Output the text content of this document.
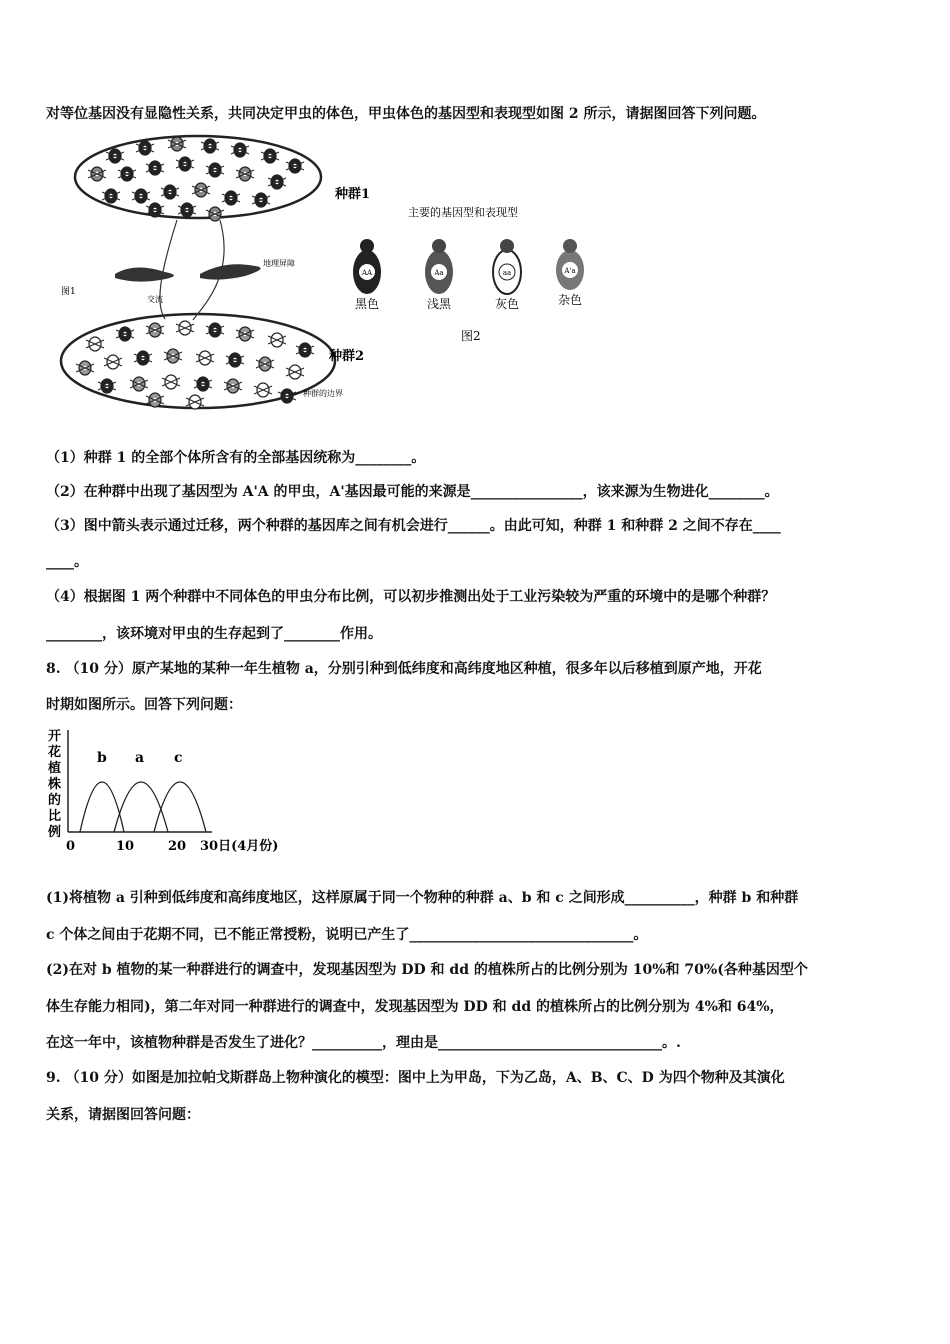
对等位基因没有显隐性关系，共同决定甲虫的体色，甲虫体色的基因型和表现型如图 2 所示，请据图回答下列问题。
种群1
地理屏障
交流
图1
种群2
种群的边界
主要的基因型和表现型
AA
黑色
Aa
浅黑
aa
灰色
A'a
杂色
图2
（1）种群 1 的全部个体所含有的全部基因统称为________。
（2）在种群中出现了基因型为 A'A 的甲虫，A'基因最可能的来源是________________，该来源为生物进化________。
（3）图中箭头表示通过迁移，两个种群的基因库之间有机会进行______。由此可知，种群 1 和种群 2 之间不存在____
____。
（4）根据图 1 两个种群中不同体色的甲虫分布比例，可以初步推测出处于工业污染较为严重的环境中的是哪个种群？
________，该环境对甲虫的生存起到了________作用。
8. （10 分）原产某地的某种一年生植物 a，分别引种到低纬度和高纬度地区种植，很多年以后移植到原产地，开花
时期如图所示。回答下列问题：
开花植株的比例
b a c
0	10	20 30日(4月份)
(1)将植物 a 引种到低纬度和高纬度地区，这样原属于同一个物种的种群 a、b 和 c 之间形成__________，种群 b 和种群
c 个体之间由于花期不同，已不能正常授粉，说明已产生了________________________________。
(2)在对 b 植物的某一种群进行的调查中，发现基因型为 DD 和 dd 的植株所占的比例分别为 10%和 70%(各种基因型个
体生存能力相同)，第二年对同一种群进行的调查中，发现基因型为 DD 和 dd 的植株所占的比例分别为 4%和 64%，
在这一年中，该植物种群是否发生了进化？__________，理由是________________________________。.
9. （10 分）如图是加拉帕戈斯群岛上物种演化的模型：图中上为甲岛，下为乙岛，A、B、C、D 为四个物种及其演化
关系，请据图回答问题：
